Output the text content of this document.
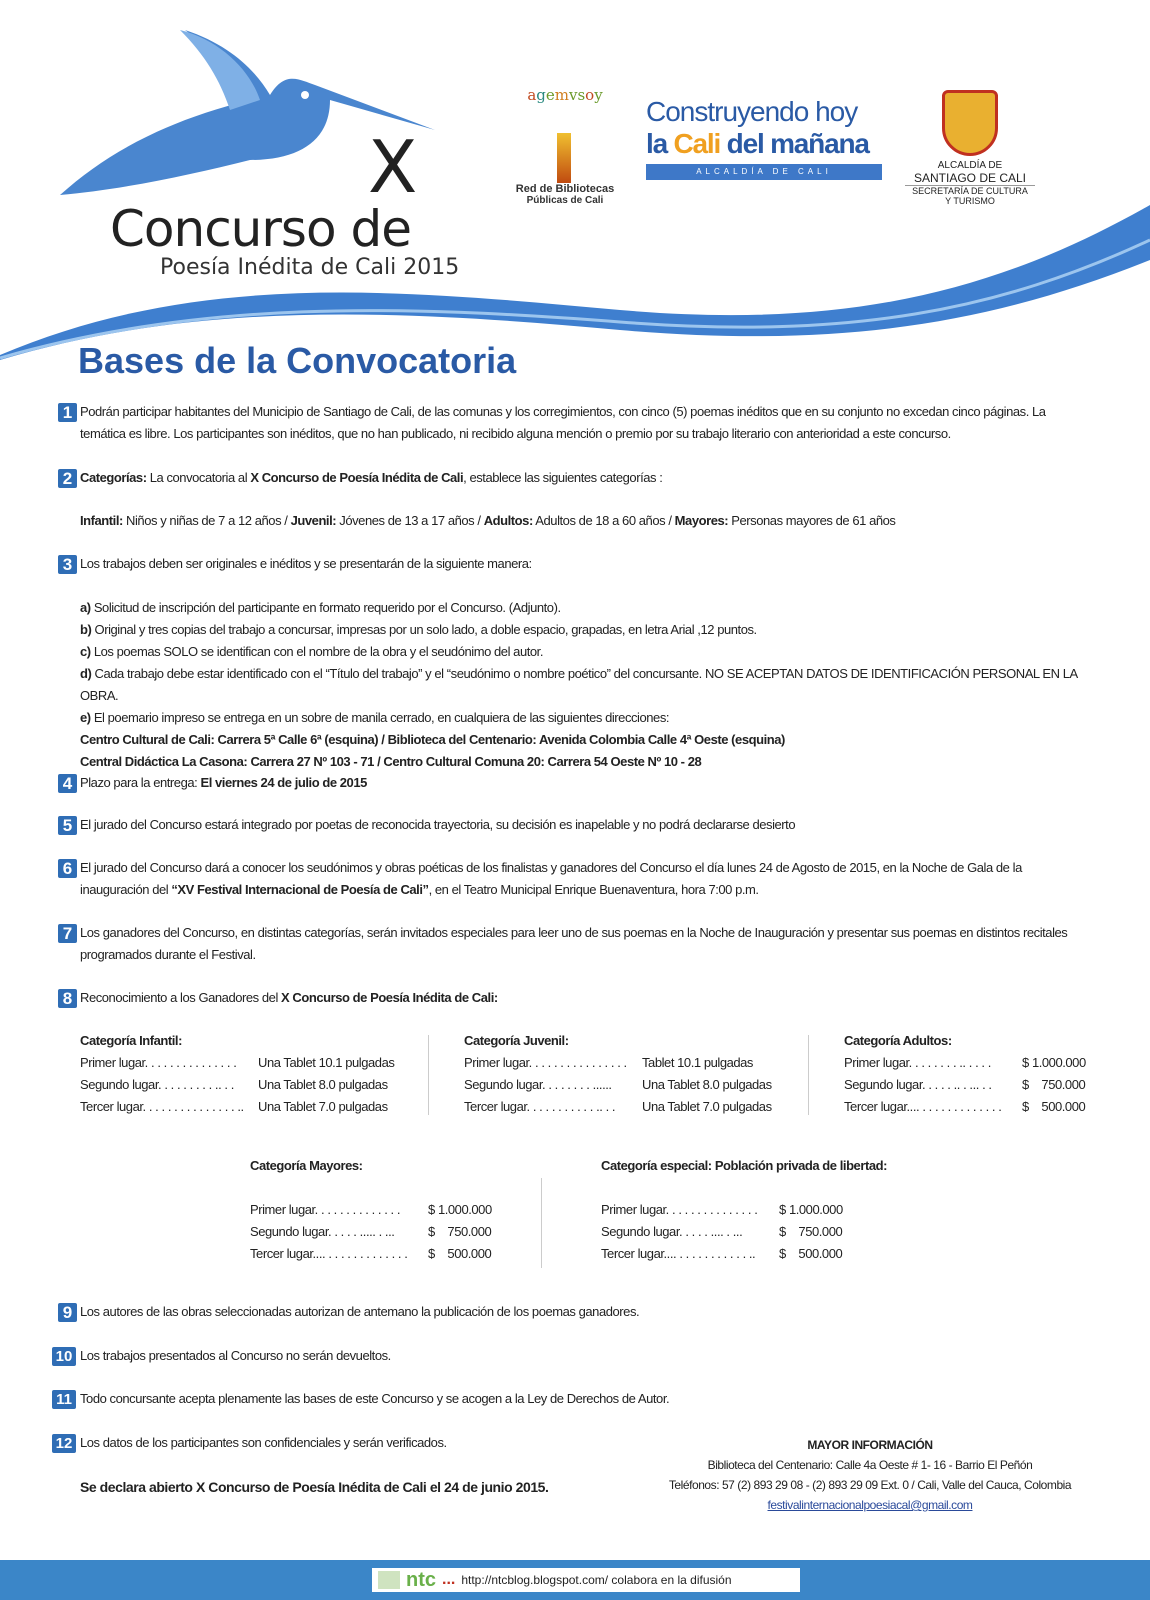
X
Concurso de
Poesía Inédita de Cali 2015
agemvsoy
Red de Bibliotecas
Públicas de Cali
Construyendo hoy
la Cali del mañana
ALCALDÍA DE CALI
ALCALDÍA DE
SANTIAGO DE CALI
SECRETARÍA DE CULTURA
Y TURISMO
Bases de la Convocatoria
1 Podrán participar habitantes del Municipio de Santiago de Cali, de las comunas y los corregimientos, con cinco (5) poemas inéditos que en su conjunto no excedan cinco páginas. La temática es libre. Los participantes son inéditos, que no han publicado, ni recibido alguna mención o premio por su trabajo literario con anterioridad a este concurso.
2 Categorías: La convocatoria al X Concurso de Poesía Inédita de Cali, establece las siguientes categorías :
Infantil: Niños y niñas de 7 a 12 años / Juvenil: Jóvenes de 13 a 17 años / Adultos: Adultos de 18 a 60 años / Mayores: Personas mayores de 61 años
3 Los trabajos deben ser originales e inéditos y se presentarán de la siguiente manera:
a) Solicitud de inscripción del participante en formato requerido por el Concurso. (Adjunto).
b) Original y tres copias del trabajo a concursar, impresas por un solo lado, a doble espacio, grapadas, en letra Arial ,12 puntos.
c) Los poemas SOLO se identifican con el nombre de la obra y el seudónimo del autor.
d) Cada trabajo debe estar identificado con el “Título del trabajo” y el “seudónimo o nombre poético” del concursante. NO SE ACEPTAN DATOS DE IDENTIFICACIÓN PERSONAL EN LA OBRA.
e) El poemario impreso se entrega en un sobre de manila cerrado, en cualquiera de las siguientes direcciones:
Centro Cultural de Cali: Carrera 5ª Calle 6ª (esquina) / Biblioteca del Centenario: Avenida Colombia Calle 4ª Oeste (esquina)
Central Didáctica La Casona: Carrera 27 Nº 103 - 71 / Centro Cultural Comuna 20: Carrera 54 Oeste Nº 10 - 28
4 Plazo para la entrega: El viernes 24 de julio de 2015
5 El jurado del Concurso estará integrado por poetas de reconocida trayectoria, su decisión es inapelable y no podrá declararse desierto
6 El jurado del Concurso dará a conocer los seudónimos y obras poéticas de los finalistas y ganadores del Concurso el día lunes 24 de Agosto de 2015, en la Noche de Gala de la inauguración del “XV Festival Internacional de Poesía de Cali”, en el Teatro Municipal Enrique Buenaventura, hora 7:00 p.m.
7 Los ganadores del Concurso, en distintas categorías, serán invitados especiales para leer uno de sus poemas en la Noche de Inauguración y presentar sus poemas en distintos recitales programados durante el Festival.
8 Reconocimiento a los Ganadores del X Concurso de Poesía Inédita de Cali:
Categoría Infantil:
Primer lugar. . . . . . . . . . . . . . .	Una Tablet 10.1 pulgadas
Segundo lugar. . . . . . . . . .. . .	Una Tablet 8.0 pulgadas
Tercer lugar. . . . . . . . . . . . . . . ..	Una Tablet 7.0 pulgadas
Categoría Juvenil:
Primer lugar. . . . . . . . . . . . . . . .	Tablet 10.1 pulgadas
Segundo lugar. . . . . . . . ......	Una Tablet 8.0 pulgadas
Tercer lugar. . . . . . . . . . . .. . .	Una Tablet 7.0 pulgadas
Categoría Adultos:
Primer lugar. . . . . . . . .. . . . .	$ 1.000.000
Segundo lugar. . . . . .. . ... . .	$    750.000
Tercer lugar.... . . . . . . . . . . . . .	$    500.000
Categoría Mayores:
Primer lugar. . . . . . . . . . . . . .	$ 1.000.000
Segundo lugar. . . . . ..... . ...	$    750.000
Tercer lugar.... . . . . . . . . . . . . .	$    500.000
Categoría especial: Población privada de libertad:
Primer lugar. . . . . . . . . . . . . . .	$ 1.000.000
Segundo lugar. . . . . .... . ...	$    750.000
Tercer lugar.... . . . . . . . . . . . ..	$    500.000
9 Los autores de las obras seleccionadas autorizan de antemano la publicación de los poemas ganadores.
10 Los trabajos presentados al Concurso no serán devueltos.
11 Todo concursante acepta plenamente las bases de este Concurso y se acogen a la Ley de Derechos de Autor.
12 Los datos de los participantes son confidenciales y serán verificados.
Se declara abierto X Concurso de Poesía Inédita de Cali el 24 de junio 2015.
MAYOR INFORMACIÓN
Biblioteca del Centenario: Calle 4a Oeste # 1- 16 - Barrio El Peñón
Teléfonos: 57 (2) 893 29 08 - (2) 893 29 09 Ext. 0 / Cali, Valle del Cauca, Colombia
festivalinternacionalpoesiacal@gmail.com
ntc ... http://ntcblog.blogspot.com/ colabora en la difusión
